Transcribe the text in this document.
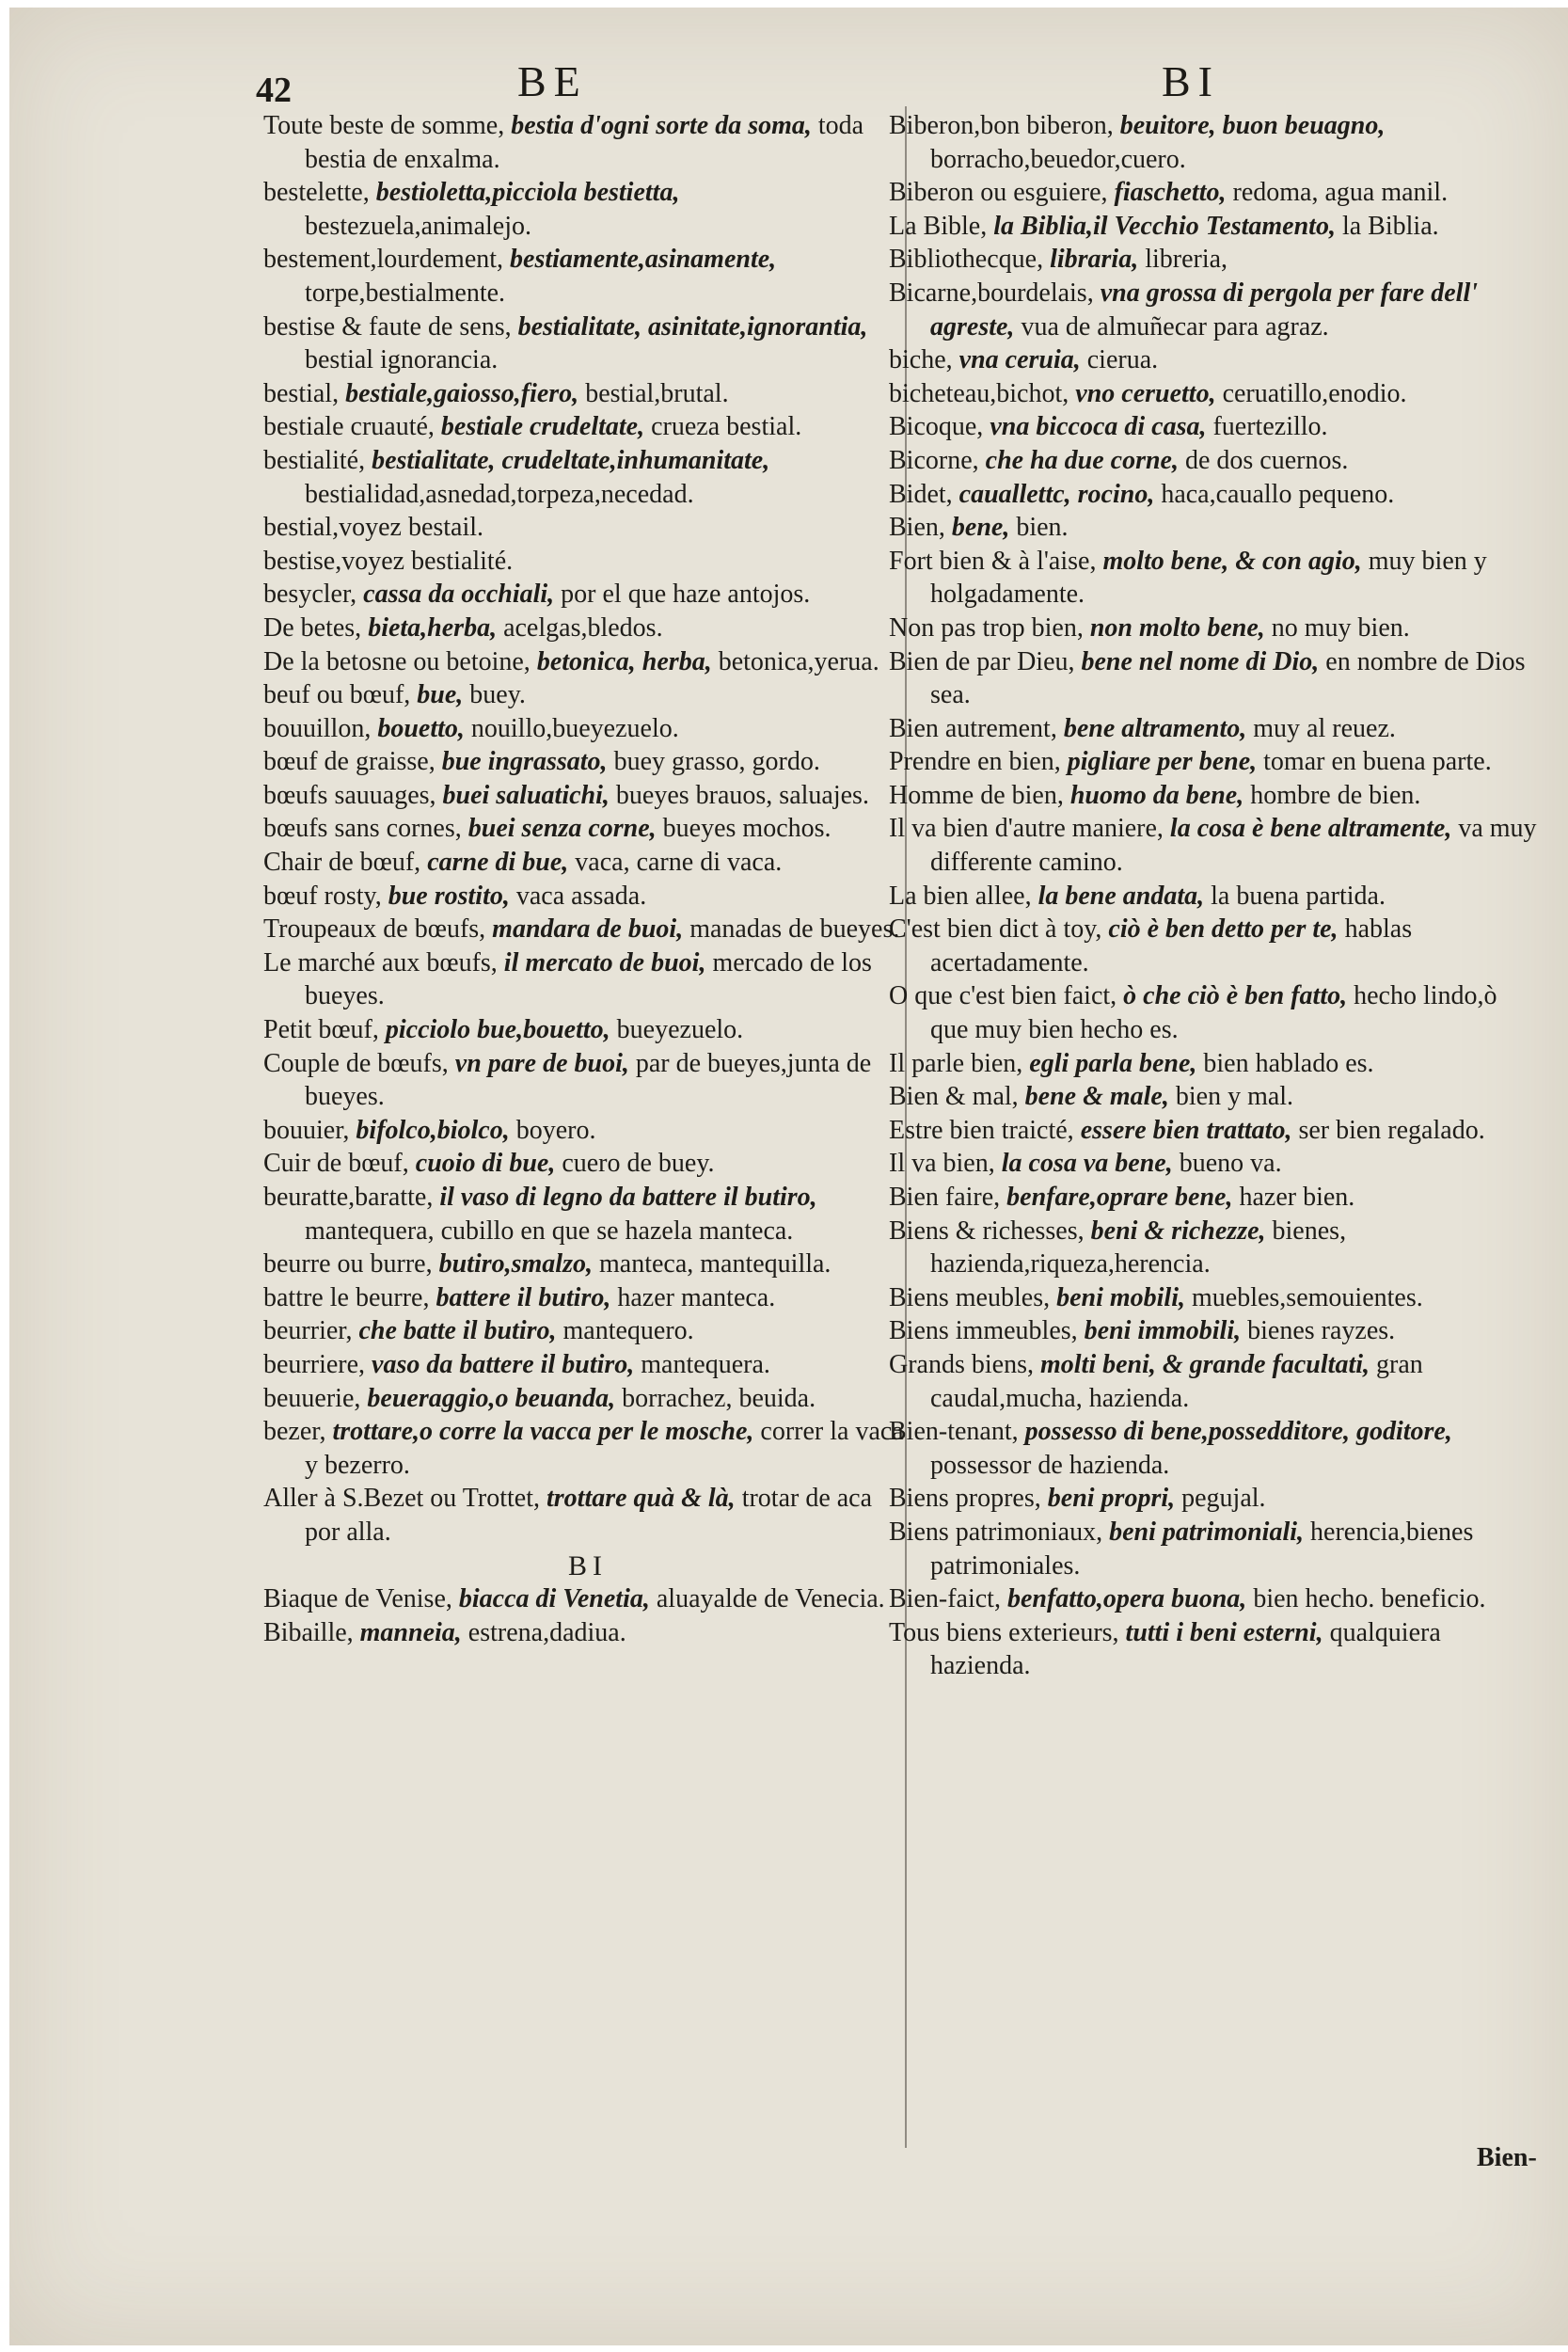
42	BE	BI

Toute beste de somme, bestia d'ogni sorte da soma, toda bestia de enxalma.

bestelette, bestioletta,picciola bestietta, bestezuela,animalejo.

bestement,lourdement, bestiamente,asinamente, torpe,bestialmente.

bestise & faute de sens, bestialitate, asinitate,ignorantia, bestial ignorancia.

bestial, bestiale,gaiosso,fiero, bestial,brutal.

bestiale cruauté, bestiale crudeltate, crueza bestial.

bestialité, bestialitate, crudeltate,inhumanitate, bestialidad,asnedad,torpeza,necedad.

bestial,voyez bestail.

bestise,voyez bestialité.

besycler, cassa da occhiali, por el que haze antojos.

De betes, bieta,herba, acelgas,bledos.

De la betosne ou betoine, betonica, herba, betonica,yerua.

beuf ou bœuf, bue, buey.

bouuillon, bouetto, nouillo,bueyezuelo.

bœuf de graisse, bue ingrassato, buey grasso, gordo.

bœufs sauuages, buei saluatichi, bueyes brauos, saluajes.

bœufs sans cornes, buei senza corne, bueyes mochos.

Chair de bœuf, carne di bue, vaca, carne di vaca.

bœuf rosty, bue rostito, vaca assada.

Troupeaux de bœufs, mandara de buoi, manadas de bueyes.

Le marché aux bœufs, il mercato de buoi, mercado de los bueyes.

Petit bœuf, picciolo bue,bouetto, bueyezuelo.

Couple de bœufs, vn pare de buoi, par de bueyes,junta de bueyes.

bouuier, bifolco,biolco, boyero.

Cuir de bœuf, cuoio di bue, cuero de buey.

beuratte,baratte, il vaso di legno da battere il butiro, mantequera, cubillo en que se hazela manteca.

beurre ou burre, butiro,smalzo, manteca, mantequilla.

battre le beurre, battere il butiro, hazer manteca.

beurrier, che batte il butiro, mantequero.

beurriere, vaso da battere il butiro, mantequera.

beuuerie, beueraggio,o beuanda, borrachez, beuida.

bezer, trottare,o corre la vacca per le mosche, correr la vaca y bezerro.

Aller à S.Bezet ou Trottet, trottare quà & là, trotar de aca por alla.

BI

Biaque de Venise, biacca di Venetia, aluayalde de Venecia.

Bibaille, manneia, estrena,dadiua.

Biberon,bon biberon, beuitore, buon beuagno, borracho,beuedor,cuero.

Biberon ou esguiere, fiaschetto, redoma, agua manil.

La Bible, la Biblia,il Vecchio Testamento, la Biblia.

Bibliothecque, libraria, libreria,

Bicarne,bourdelais, vna grossa di pergola per fare dell' agreste, vua de almuñecar para agraz.

biche, vna ceruia, cierua.

bicheteau,bichot, vno ceruetto, ceruatillo,enodio.

Bicoque, vna biccoca di casa, fuertezillo.

Bicorne, che ha due corne, de dos cuernos.

Bidet, cauallettc, rocino, haca,cauallo pequeno.

Bien, bene, bien.

Fort bien & à l'aise, molto bene, & con agio, muy bien y holgadamente.

Non pas trop bien, non molto bene, no muy bien.

Bien de par Dieu, bene nel nome di Dio, en nombre de Dios sea.

Bien autrement, bene altramento, muy al reuez.

Prendre en bien, pigliare per bene, tomar en buena parte.

Homme de bien, huomo da bene, hombre de bien.

Il va bien d'autre maniere, la cosa è bene altramente, va muy differente camino.

La bien allee, la bene andata, la buena partida.

C'est bien dict à toy, ciò è ben detto per te, hablas acertadamente.

O que c'est bien faict, ò che ciò è ben fatto, hecho lindo,ò que muy bien hecho es.

Il parle bien, egli parla bene, bien hablado es.

Bien & mal, bene & male, bien y mal.

Estre bien traicté, essere bien trattato, ser bien regalado.

Il va bien, la cosa va bene, bueno va.

Bien faire, benfare,oprare bene, hazer bien.

Biens & richesses, beni & richezze, bienes, hazienda,riqueza,herencia.

Biens meubles, beni mobili, muebles,semouientes.

Biens immeubles, beni immobili, bienes rayzes.

Grands biens, molti beni, & grande facultati, gran caudal,mucha, hazienda.

Bien-tenant, possesso di bene,possedditore, goditore, possessor de hazienda.

Biens propres, beni propri, pegujal.

Biens patrimoniaux, beni patrimoniali, herencia,bienes patrimoniales.

Bien-faict, benfatto,opera buona, bien hecho. beneficio.

Tous biens exterieurs, tutti i beni esterni, qualquiera hazienda.

Bien-
